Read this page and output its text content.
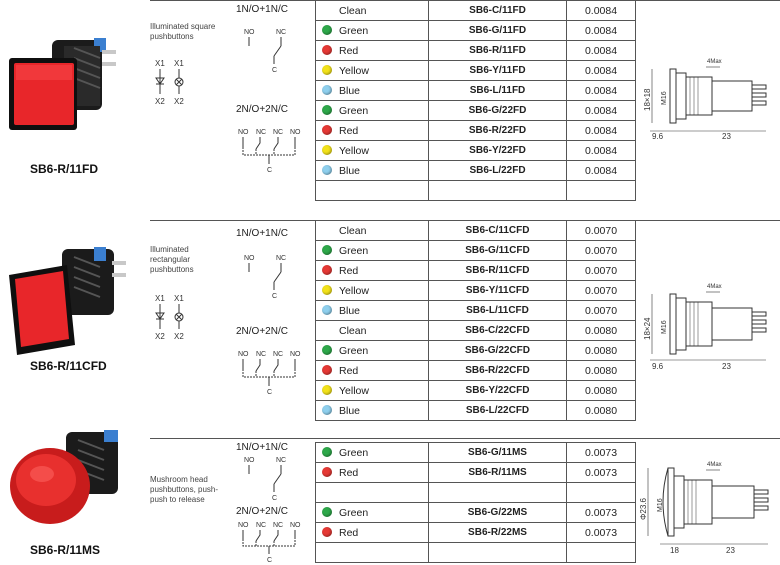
SB6-R/11FD
Illuminated square pushbuttons
X1 X1
X2 X2
1N/O+1N/C
NO	NC
C
2N/O+2N/C
NO NC NC NO
C
Clean	SB6-C/11FD	0.0084
Green	SB6-G/11FD	0.0084
Red	SB6-R/11FD	0.0084
Yellow	SB6-Y/11FD	0.0084
Blue	SB6-L/11FD	0.0084
Green	SB6-G/22FD	0.0084
Red	SB6-R/22FD	0.0084
Yellow	SB6-Y/22FD	0.0084
Blue	SB6-L/22FD	0.0084

4Max
18×18 M16
9.6	23
SB6-R/11CFD
Illuminated rectangular pushbuttons
X1 X1
X2 X2
1N/O+1N/C
NO	NC
C
2N/O+2N/C
NO NC NC NO
C
Clean	SB6-C/11CFD	0.0070
Green	SB6-G/11CFD	0.0070
Red	SB6-R/11CFD	0.0070
Yellow	SB6-Y/11CFD	0.0070
Blue	SB6-L/11CFD	0.0070
Clean	SB6-C/22CFD	0.0080
Green	SB6-G/22CFD	0.0080
Red	SB6-R/22CFD	0.0080
Yellow	SB6-Y/22CFD	0.0080
Blue	SB6-L/22CFD	0.0080
4Max
18×24 M16
9.6	23
SB6-R/11MS
Mushroom head pushbuttons, push-push to release
1N/O+1N/C
NO	NC
C
2N/O+2N/C
NO NC NC NO
C
Green	SB6-G/11MS	0.0073
Red	SB6-R/11MS	0.0073

Green	SB6-G/22MS	0.0073
Red	SB6-R/22MS	0.0073

4Max
Φ23.6 M16
18	23
